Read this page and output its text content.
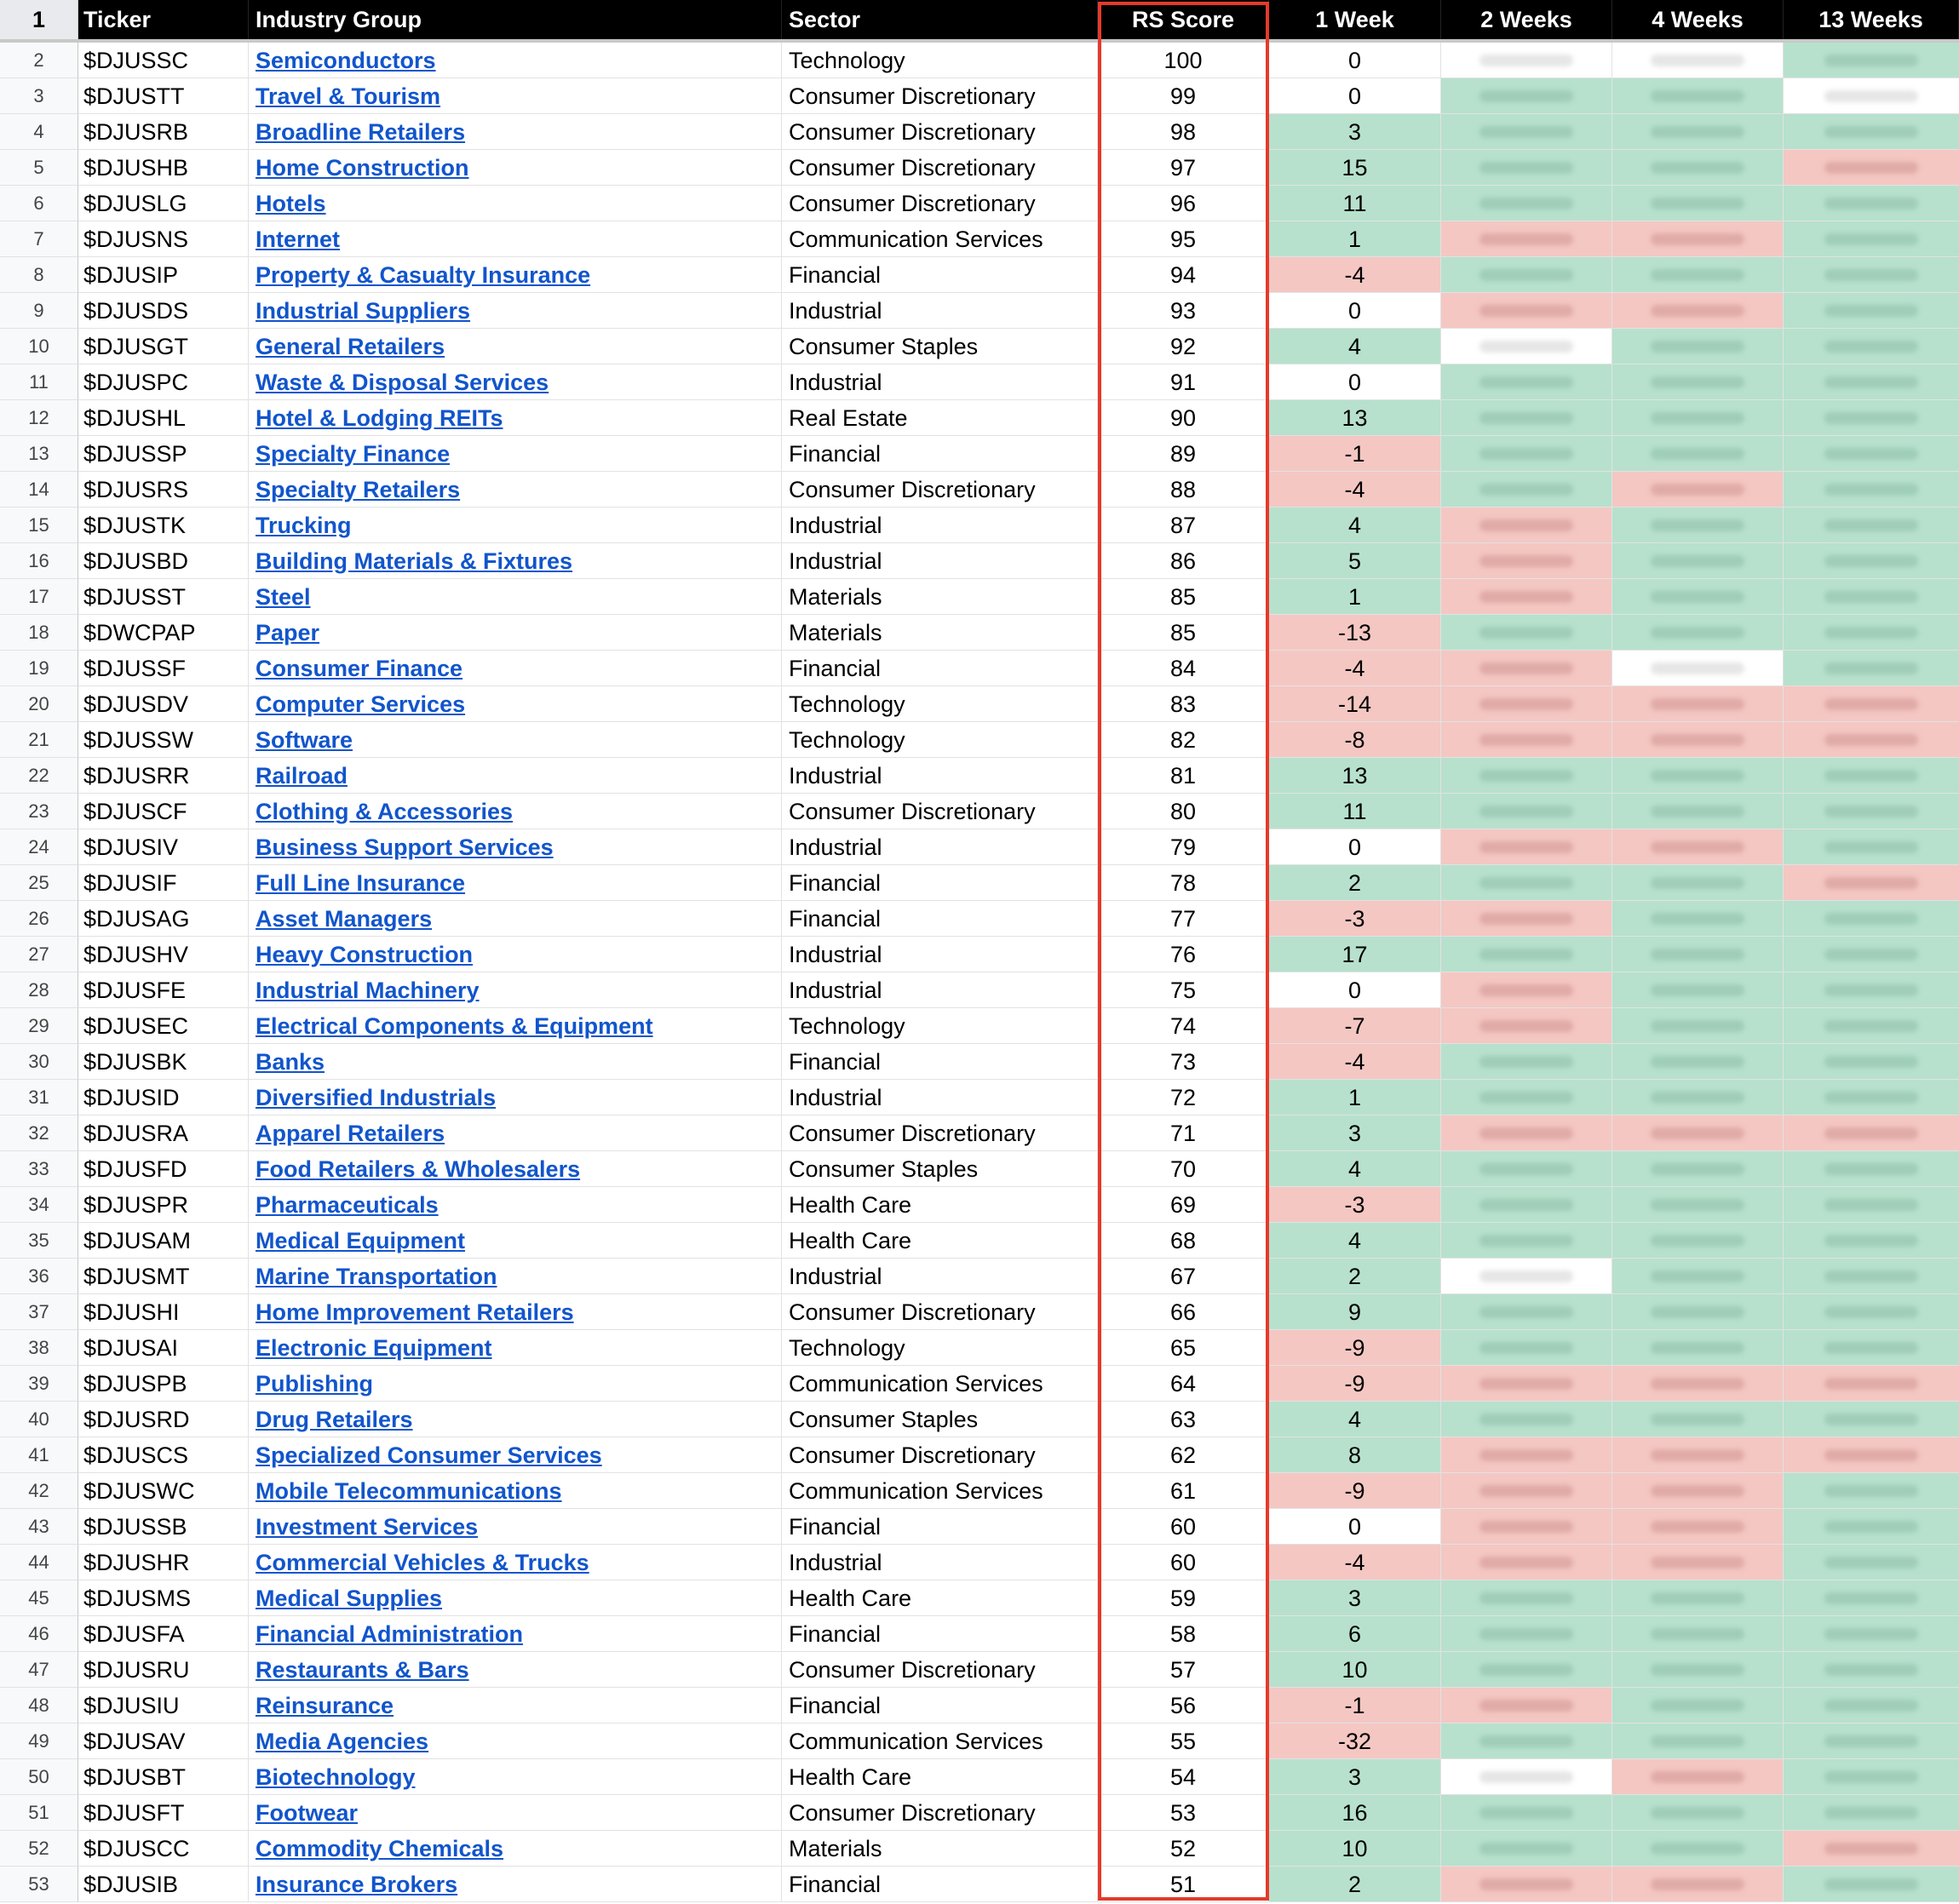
1	Ticker	Industry Group	Sector	RS Score	1 Week	2 Weeks	4 Weeks	13 Weeks
2	$DJUSSC	Semiconductors	Technology	100	0
3	$DJUSTT	Travel & Tourism	Consumer Discretionary	99	0
4	$DJUSRB	Broadline Retailers	Consumer Discretionary	98	3
5	$DJUSHB	Home Construction	Consumer Discretionary	97	15
6	$DJUSLG	Hotels	Consumer Discretionary	96	11
7	$DJUSNS	Internet	Communication Services	95	1
8	$DJUSIP	Property & Casualty Insurance	Financial	94	-4
9	$DJUSDS	Industrial Suppliers	Industrial	93	0
10	$DJUSGT	General Retailers	Consumer Staples	92	4
11	$DJUSPC	Waste & Disposal Services	Industrial	91	0
12	$DJUSHL	Hotel & Lodging REITs	Real Estate	90	13
13	$DJUSSP	Specialty Finance	Financial	89	-1
14	$DJUSRS	Specialty Retailers	Consumer Discretionary	88	-4
15	$DJUSTK	Trucking	Industrial	87	4
16	$DJUSBD	Building Materials & Fixtures	Industrial	86	5
17	$DJUSST	Steel	Materials	85	1
18	$DWCPAP	Paper	Materials	85	-13
19	$DJUSSF	Consumer Finance	Financial	84	-4
20	$DJUSDV	Computer Services	Technology	83	-14
21	$DJUSSW	Software	Technology	82	-8
22	$DJUSRR	Railroad	Industrial	81	13
23	$DJUSCF	Clothing & Accessories	Consumer Discretionary	80	11
24	$DJUSIV	Business Support Services	Industrial	79	0
25	$DJUSIF	Full Line Insurance	Financial	78	2
26	$DJUSAG	Asset Managers	Financial	77	-3
27	$DJUSHV	Heavy Construction	Industrial	76	17
28	$DJUSFE	Industrial Machinery	Industrial	75	0
29	$DJUSEC	Electrical Components & Equipment	Technology	74	-7
30	$DJUSBK	Banks	Financial	73	-4
31	$DJUSID	Diversified Industrials	Industrial	72	1
32	$DJUSRA	Apparel Retailers	Consumer Discretionary	71	3
33	$DJUSFD	Food Retailers & Wholesalers	Consumer Staples	70	4
34	$DJUSPR	Pharmaceuticals	Health Care	69	-3
35	$DJUSAM	Medical Equipment	Health Care	68	4
36	$DJUSMT	Marine Transportation	Industrial	67	2
37	$DJUSHI	Home Improvement Retailers	Consumer Discretionary	66	9
38	$DJUSAI	Electronic Equipment	Technology	65	-9
39	$DJUSPB	Publishing	Communication Services	64	-9
40	$DJUSRD	Drug Retailers	Consumer Staples	63	4
41	$DJUSCS	Specialized Consumer Services	Consumer Discretionary	62	8
42	$DJUSWC	Mobile Telecommunications	Communication Services	61	-9
43	$DJUSSB	Investment Services	Financial	60	0
44	$DJUSHR	Commercial Vehicles & Trucks	Industrial	60	-4
45	$DJUSMS	Medical Supplies	Health Care	59	3
46	$DJUSFA	Financial Administration	Financial	58	6
47	$DJUSRU	Restaurants & Bars	Consumer Discretionary	57	10
48	$DJUSIU	Reinsurance	Financial	56	-1
49	$DJUSAV	Media Agencies	Communication Services	55	-32
50	$DJUSBT	Biotechnology	Health Care	54	3
51	$DJUSFT	Footwear	Consumer Discretionary	53	16
52	$DJUSCC	Commodity Chemicals	Materials	52	10
53	$DJUSIB	Insurance Brokers	Financial	51	2
